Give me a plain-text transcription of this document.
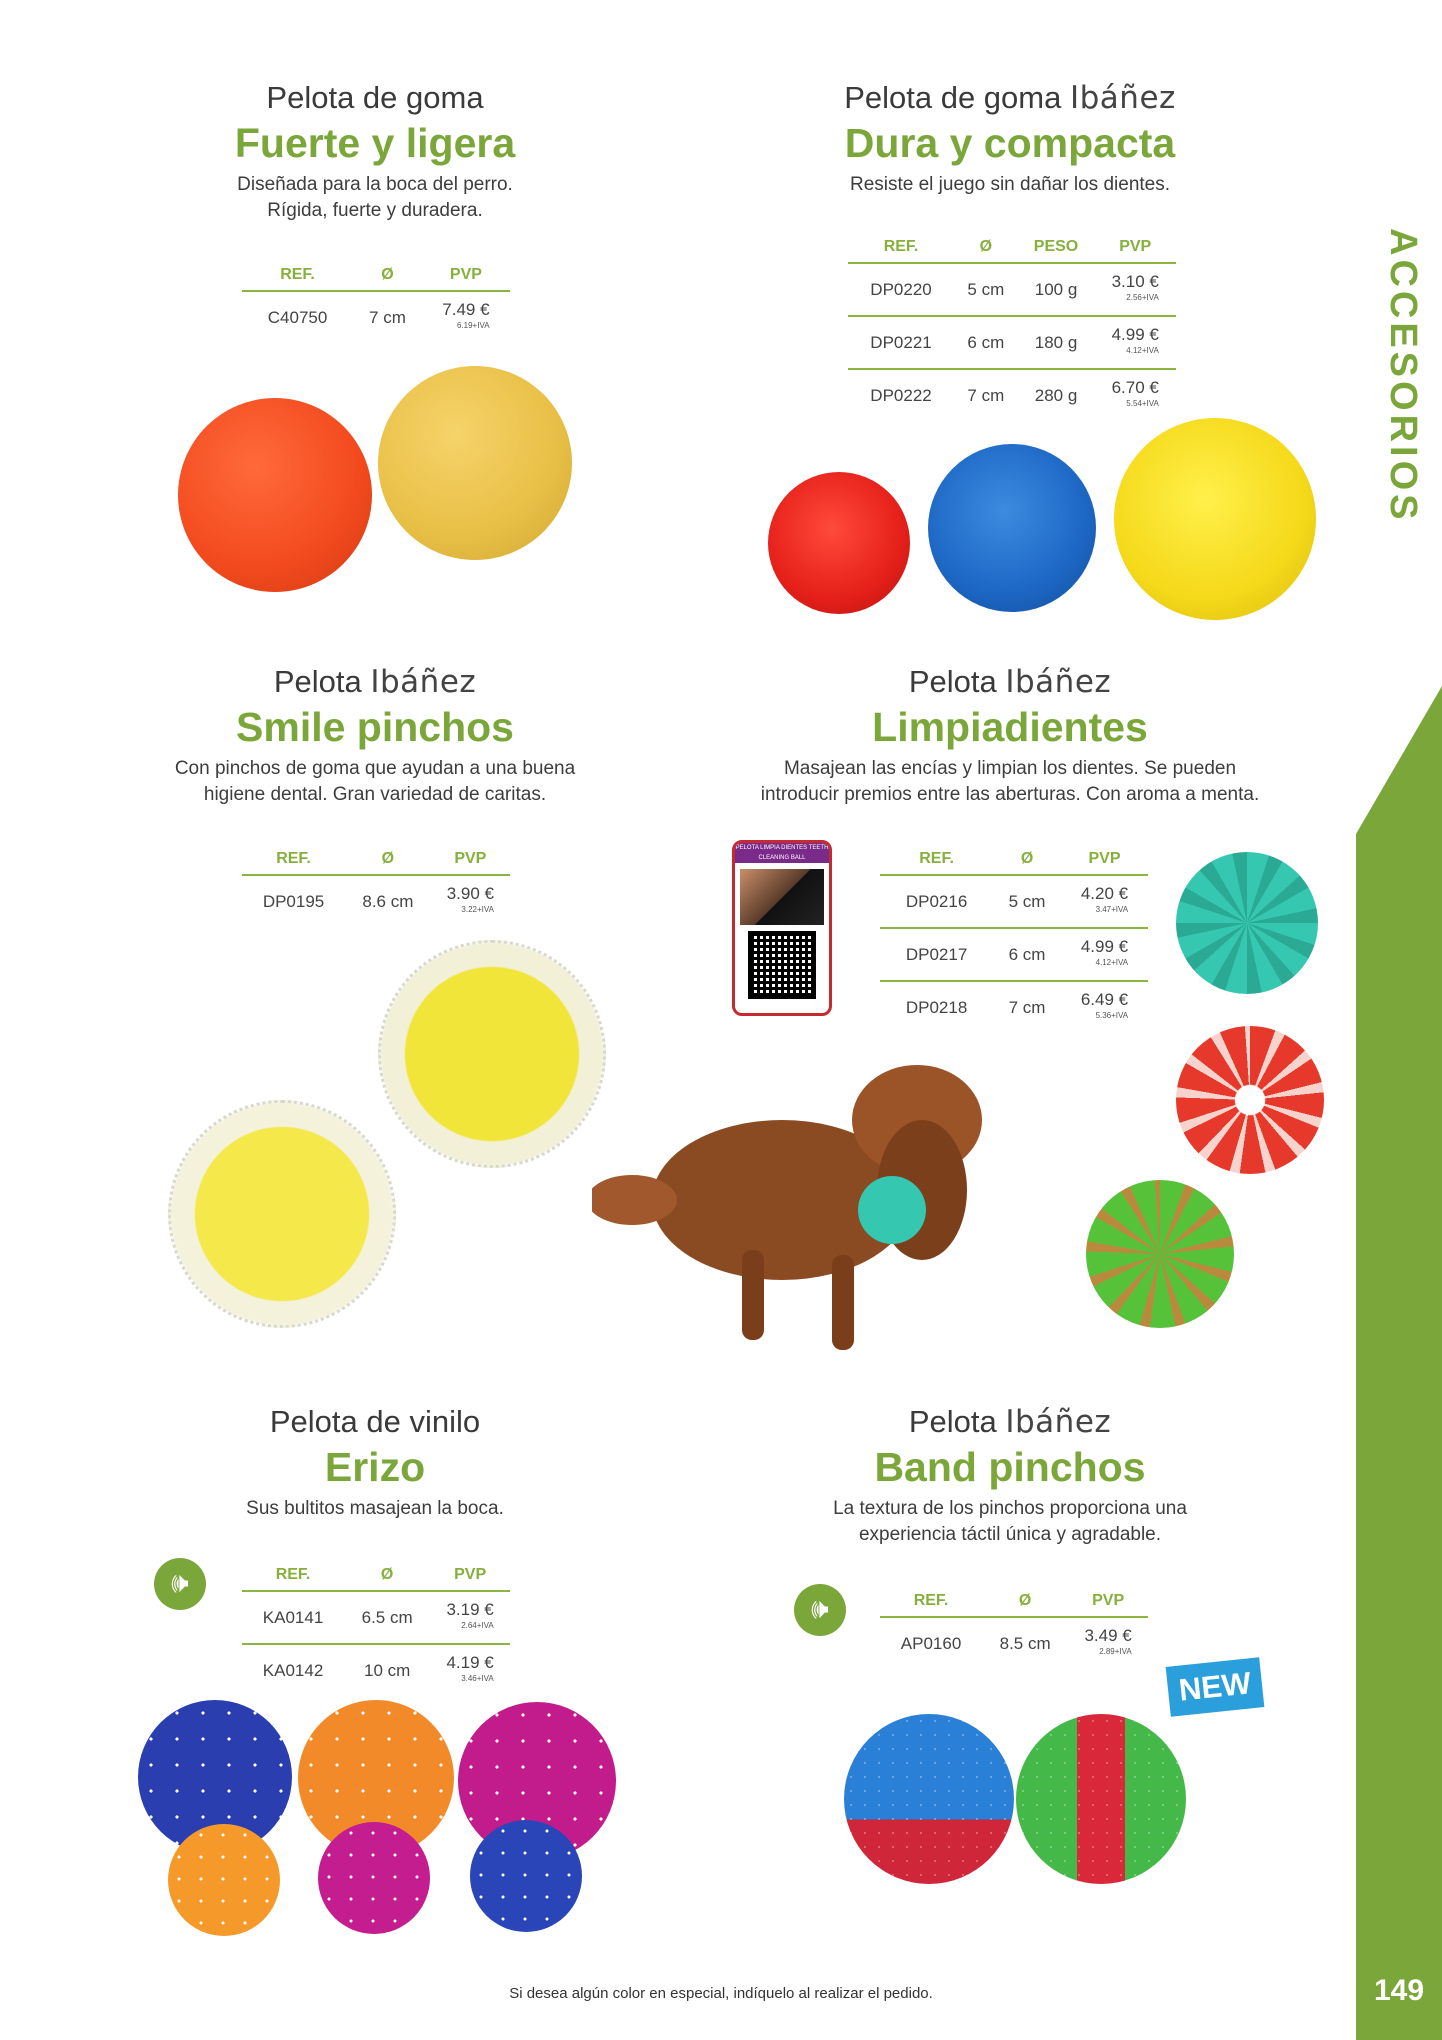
ACCESORIOS
149
Si desea algún color en especial, indíquelo al realizar el pedido.
Pelota de goma
Fuerte y ligera
Diseñada para la boca del perro.
Rígida, fuerte y duradera.
REF.	Ø	PVP
C40750	7 cm	7.49 €
6.19+IVA
Pelota de goma Ibáñez
Dura y compacta
Resiste el juego sin dañar los dientes.
REF.	Ø	PESO	PVP
DP0220	5 cm	100 g	3.10 €
2.56+IVA

DP0221	6 cm	180 g	4.99 €
4.12+IVA

DP0222	7 cm	280 g	6.70 €
5.54+IVA
Pelota Ibáñez
Smile pinchos
Con pinchos de goma que ayudan a una buena
higiene dental. Gran variedad de caritas.
REF.	Ø	PVP
DP0195	8.6 cm	3.90 €
3.22+IVA
Pelota Ibáñez
Limpiadientes
Masajean las encías y limpian los dientes. Se pueden
introducir premios entre las aberturas. Con aroma a menta.
PELOTA LIMPIA DIENTES TEETH CLEANING BALL	REF.	Ø	PVP
DP0216	5 cm	4.20 €
3.47+IVA

DP0217	6 cm	4.99 €
4.12+IVA

DP0218	7 cm	6.49 €
5.36+IVA
Pelota de vinilo
Erizo
Sus bultitos masajean la boca.
🕪	REF.	Ø	PVP
KA0141	6.5 cm	3.19 €
2.64+IVA

KA0142	10 cm	4.19 €
3.46+IVA
Pelota Ibáñez
Band pinchos
La textura de los pinchos proporciona una
experiencia táctil única y agradable.
🕪	REF.	Ø	PVP
AP0160	8.5 cm	3.49 €
2.89+IVA
NEW
